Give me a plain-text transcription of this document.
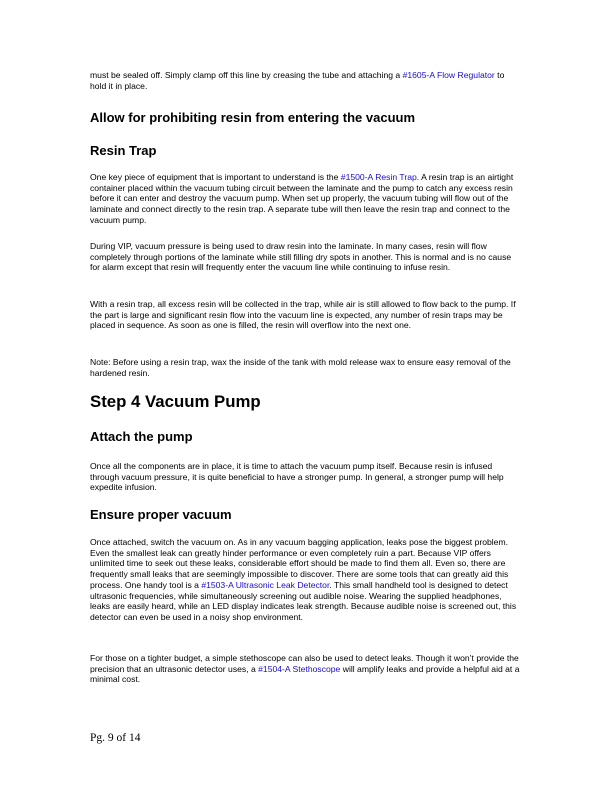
must be sealed off. Simply clamp off this line by creasing the tube and attaching a #1605-A Flow Regulator to hold it in place.

Allow for prohibiting resin from entering the vacuum
Resin Trap

One key piece of equipment that is important to understand is the #1500-A Resin Trap. A resin trap is an airtight container placed within the vacuum tubing circuit between the laminate and the pump to catch any excess resin before it can enter and destroy the vacuum pump. When set up properly, the vacuum tubing will flow out of the laminate and connect directly to the resin trap. A separate tube will then leave the resin trap and connect to the vacuum pump.

During VIP, vacuum pressure is being used to draw resin into the laminate. In many cases, resin will flow completely through portions of the laminate while still filling dry spots in another. This is normal and is no cause for alarm except that resin will frequently enter the vacuum line while continuing to infuse resin.

With a resin trap, all excess resin will be collected in the trap, while air is still allowed to flow back to the pump. If the part is large and significant resin flow into the vacuum line is expected, any number of resin traps may be placed in sequence. As soon as one is filled, the resin will overflow into the next one.

Note: Before using a resin trap, wax the inside of the tank with mold release wax to ensure easy removal of the hardened resin.

Step 4 Vacuum Pump
Attach the pump

Once all the components are in place, it is time to attach the vacuum pump itself. Because resin is infused through vacuum pressure, it is quite beneficial to have a stronger pump. In general, a stronger pump will help expedite infusion.

Ensure proper vacuum

Once attached, switch the vacuum on. As in any vacuum bagging application, leaks pose the biggest problem. Even the smallest leak can greatly hinder performance or even completely ruin a part. Because VIP offers unlimited time to seek out these leaks, considerable effort should be made to find them all. Even so, there are frequently small leaks that are seemingly impossible to discover. There are some tools that can greatly aid this process. One handy tool is a #1503-A Ultrasonic Leak Detector. This small handheld tool is designed to detect ultrasonic frequencies, while simultaneously screening out audible noise. Wearing the supplied headphones, leaks are easily heard, while an LED display indicates leak strength. Because audible noise is screened out, this detector can even be used in a noisy shop environment.

For those on a tighter budget, a simple stethoscope can also be used to detect leaks. Though it won’t provide the precision that an ultrasonic detector uses, a #1504-A Stethoscope will amplify leaks and provide a helpful aid at a minimal cost.

Pg. 9 of 14
